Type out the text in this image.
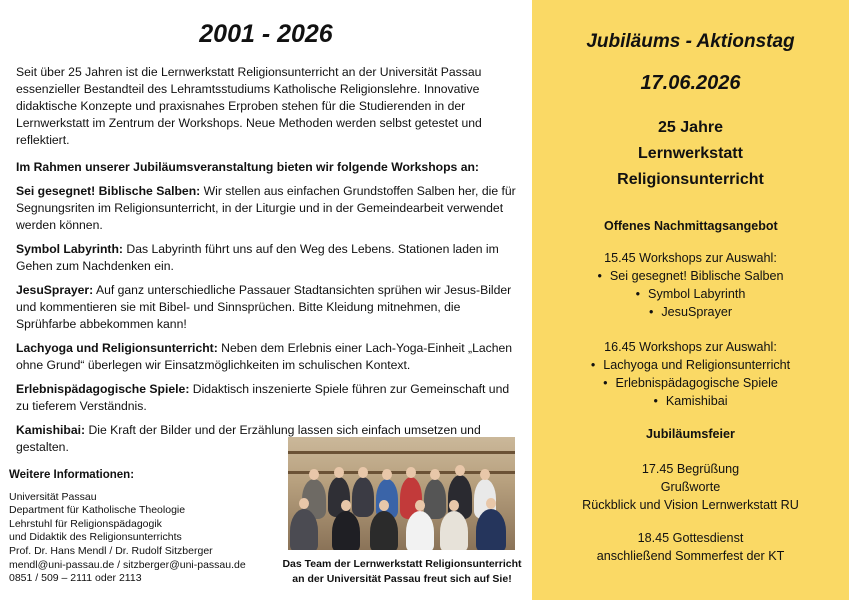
2001 - 2026
Seit über 25 Jahren ist die Lernwerkstatt Religionsunterricht an der Universität Passau essenzieller Bestandteil des Lehramtsstudiums Katholische Religionslehre. Innovative didaktische Konzepte und praxisnahes Erproben stehen für die Studierenden in der Lernwerkstatt im Zentrum der Workshops. Neue Methoden werden selbst getestet und reflektiert.
Im Rahmen unserer Jubiläumsveranstaltung bieten wir folgende Workshops an:

Sei gesegnet! Biblische Salben: Wir stellen aus einfachen Grundstoffen Salben her, die für Segnungsriten im Religionsunterricht, in der Liturgie und in der Gemeindearbeit verwendet werden können.

Symbol Labyrinth: Das Labyrinth führt uns auf den Weg des Lebens. Stationen laden im Gehen zum Nachdenken ein.

JesuSprayer: Auf ganz unterschiedliche Passauer Stadtansichten sprühen wir Jesus-Bilder und kommentieren sie mit Bibel- und Sinnsprüchen. Bitte Kleidung mitnehmen, die Sprühfarbe abbekommen kann!

Lachyoga und Religionsunterricht: Neben dem Erlebnis einer Lach-Yoga-Einheit „Lachen ohne Grund“ überlegen wir Einsatzmöglichkeiten im schulischen Kontext.

Erlebnispädagogische Spiele: Didaktisch inszenierte Spiele führen zur Gemeinschaft und zu tieferem Verständnis.

Kamishibai: Die Kraft der Bilder und der Erzählung lassen sich einfach umsetzen und gestalten.

Weitere Informationen:
Universität Passau
Department für Katholische Theologie
Lehrstuhl für Religionspädagogik
und Didaktik des Religionsunterrichts
Prof. Dr. Hans Mendl / Dr. Rudolf Sitzberger
mendl@uni-passau.de / sitzberger@uni-passau.de
0851 / 509 – 2111 oder 2113
Das Team der Lernwerkstatt Religionsunterricht
an der Universität Passau freut sich auf Sie!
Jubiläums - Aktionstag
17.06.2026
25 Jahre
Lernwerkstatt
Religionsunterricht
Offenes Nachmittagsangebot
15.45 Workshops zur Auswahl:
• Sei gesegnet! Biblische Salben
• Symbol Labyrinth
• JesuSprayer
16.45 Workshops zur Auswahl:
• Lachyoga und Religionsunterricht
• Erlebnispädagogische Spiele
• Kamishibai
Jubiläumsfeier
17.45 Begrüßung
Grußworte
Rückblick und Vision Lernwerkstatt RU
18.45 Gottesdienst
anschließend Sommerfest der KT
